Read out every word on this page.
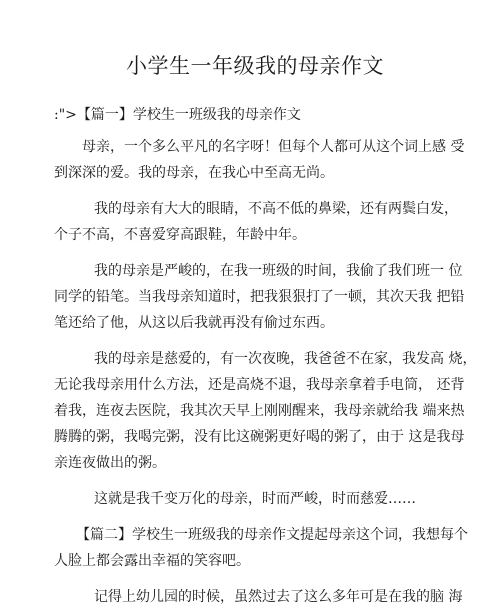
小学生一年级我的母亲作文
:">【篇一】学校生一班级我的母亲作文
母亲，一个多么平凡的名字呀！但每个人都可从这个词上感 受
到深深的爱。我的母亲，在我心中至高无尚。
我的母亲有大大的眼睛，不高不低的鼻梁，还有两鬓白发，
个子不高，不喜爱穿高跟鞋，年龄中年。
我的母亲是严峻的，在我一班级的时间，我偷了我们班一 位
同学的铅笔。当我母亲知道时，把我狠狠打了一顿，其次天我 把铅
笔还给了他，从这以后我就再没有偷过东西。
我的母亲是慈爱的，有一次夜晚，我爸爸不在家，我发高 烧，
无论我母亲用什么方法，还是高烧不退，我母亲拿着手电筒， 还背
着我，连夜去医院，我其次天早上刚刚醒来，我母亲就给我 端来热
腾腾的粥，我喝完粥，没有比这碗粥更好喝的粥了，由于 这是我母
亲连夜做出的粥。
这就是我千变万化的母亲，时而严峻，时而慈爱……
【篇二】学校生一班级我的母亲作文提起母亲这个词，我想每个
人脸上都会露出幸福的笑容吧。
记得上幼儿园的时候，虽然过去了这么多年可是在我的脑 海
